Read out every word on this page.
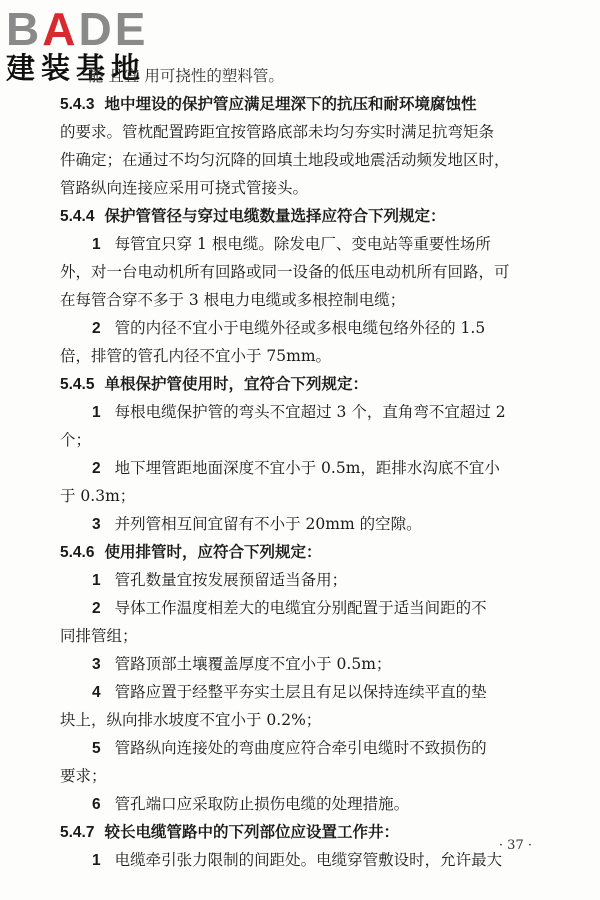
BADE
建装基地
能 且宜 用可挠性的塑料管。
5.4.3 地中埋设的保护管应满足埋深下的抗压和耐环境腐蚀性
的要求。管枕配置跨距宜按管路底部未均匀夯实时满足抗弯矩条
件确定；在通过不均匀沉降的回填土地段或地震活动频发地区时，
管路纵向连接应采用可挠式管接头。
5.4.4 保护管管径与穿过电缆数量选择应符合下列规定：
1 每管宜只穿 1 根电缆。除发电厂、变电站等重要性场所
外，对一台电动机所有回路或同一设备的低压电动机所有回路，可
在每管合穿不多于 3 根电力电缆或多根控制电缆；
2 管的内径不宜小于电缆外径或多根电缆包络外径的 1.5
倍，排管的管孔内径不宜小于 75mm。
5.4.5 单根保护管使用时，宜符合下列规定：
1 每根电缆保护管的弯头不宜超过 3 个，直角弯不宜超过 2
个；
2 地下埋管距地面深度不宜小于 0.5m，距排水沟底不宜小
于 0.3m；
3 并列管相互间宜留有不小于 20mm 的空隙。
5.4.6 使用排管时，应符合下列规定：
1 管孔数量宜按发展预留适当备用；
2 导体工作温度相差大的电缆宜分别配置于适当间距的不
同排管组；
3 管路顶部土壤覆盖厚度不宜小于 0.5m；
4 管路应置于经整平夯实土层且有足以保持连续平直的垫
块上，纵向排水坡度不宜小于 0.2%；
5 管路纵向连接处的弯曲度应符合牵引电缆时不致损伤的
要求；
6 管孔端口应采取防止损伤电缆的处理措施。
5.4.7 较长电缆管路中的下列部位应设置工作井：
1 电缆牵引张力限制的间距处。电缆穿管敷设时，允许最大
· 37 ·
